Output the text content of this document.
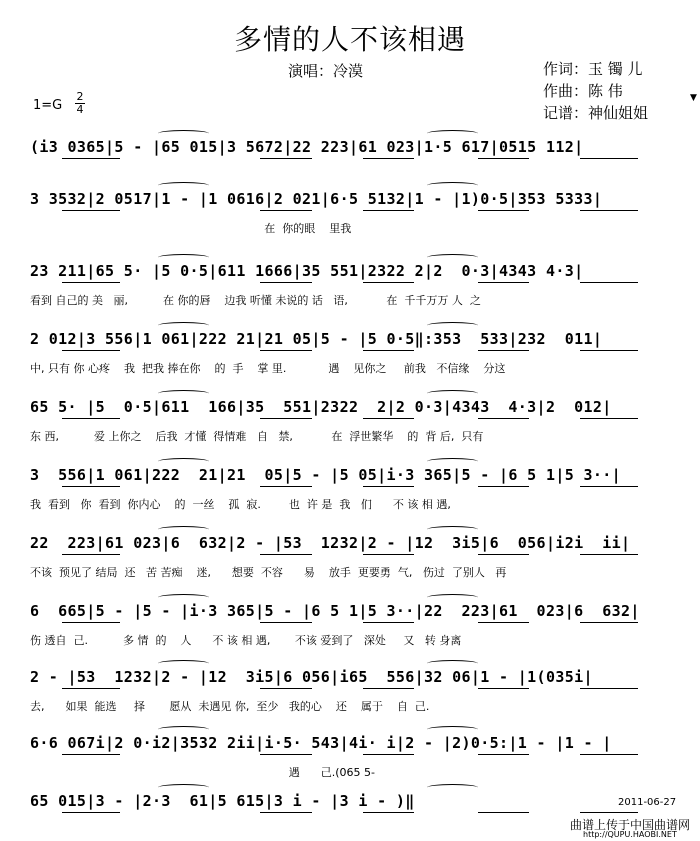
多情的人不该相遇
演唱：冷漠	作词：玉 镯 儿
作曲：陈 伟
记谱：神仙姐姐
▼
1=G
2
4
(i3 0365|5 - |65 015|3 5672|22 223|61 023|1·5 617|0515 112|
3 3532|2 0517|1 - |1 0616|2 021|6·5 5132|1 - |1)0·5|353 5333|
在  你的眼    里我
23 211|65 5· |5 0·5|611 1666|35 551|2322 2|2  0·3|4343 4·3|
看到 自己的 美   丽,          在 你的唇    边我 听懂 未说的 话   语,           在  千千万万 人  之
2 012|3 556|1 061|222 21|21 05|5 - |5 0·5‖:353  533|232  011|
中, 只有 你 心疼    我  把我 捧在你    的  手    掌 里.            遇    见你之     前我   不信缘    分这
65 5· |5  0·5|611  166|35  551|2322  2|2 0·3|4343  4·3|2  012|
东 西,          爱 上你之    后我  才懂  得情难   自   禁,           在  浮世繁华    的  背 后,  只有
3  556|1 061|222  21|21  05|5 - |5 05|i·3 365|5 - |6 5 1|5 3··|
我  看到   你  看到  你内心    的  一丝    孤  寂.        也  许 是  我   们      不 该 相 遇,
22  223|61 023|6  632|2 - |53  1232|2 - |12  3i5|6  056|i2i  ii|
不该  预见了 结局  还   苦 苦痴    迷,      想要  不容      易    放手  更要勇  气,   伤过  了别人   再
6  665|5 - |5 - |i·3 365|5 - |6 5 1|5 3··|22  223|61  023|6  632|
伤 透自  己.          多 情  的    人      不 该 相 遇,       不该 爱到了   深处     又   转 身离
2 - |53  1232|2 - |12  3i5|6 056|i65  556|32 06|1 - |1(035i|
去,      如果  能选     择       愿从  未遇见 你,  至少   我的心    还    属于    自  己.
6·6 067i|2 0·i2|3532 2ii|i·5· 543|4i· i|2 - |2)0·5:|1 - |1 - |
遇      己.(065 5-
65 015|3 - |2·3  61|5 615|3 i - |3 i - )‖	2011-06-27
曲谱上传于中国曲谱网
http://QUPU.HAOBI.NET
